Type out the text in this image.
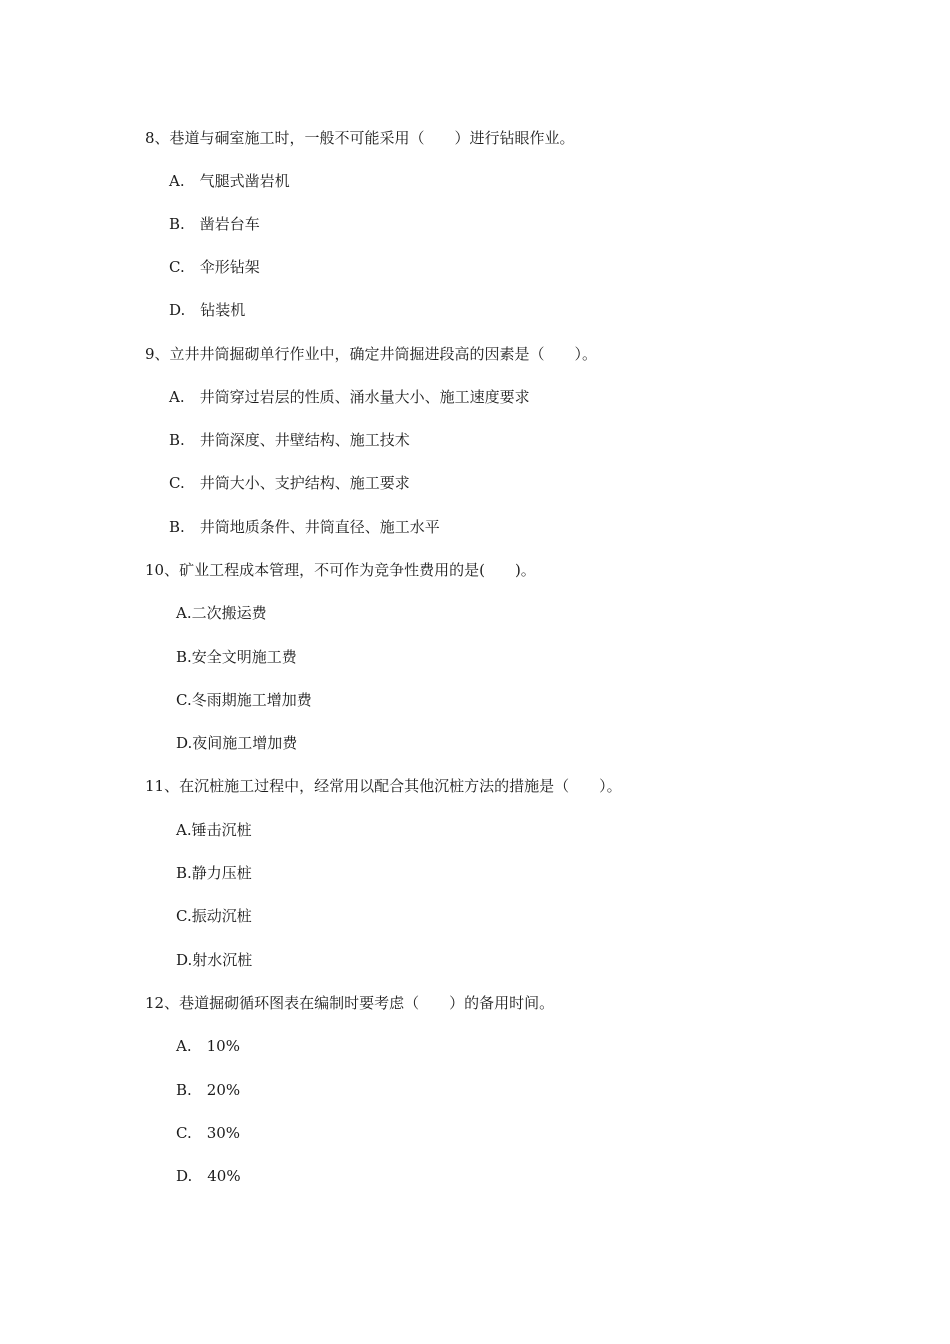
8、巷道与硐室施工时，一般不可能采用（　　）进行钻眼作业。
A.　气腿式凿岩机
B.　凿岩台车
C.　伞形钻架
D.　钻装机
9、立井井筒掘砌单行作业中，确定井筒掘进段高的因素是（　　）。
A.　井筒穿过岩层的性质、涌水量大小、施工速度要求
B.　井筒深度、井壁结构、施工技术
C.　井筒大小、支护结构、施工要求
B.　井筒地质条件、井筒直径、施工水平
10、矿业工程成本管理，不可作为竞争性费用的是(　　)。
A.二次搬运费
B.安全文明施工费
C.冬雨期施工增加费
D.夜间施工增加费
11、在沉桩施工过程中，经常用以配合其他沉桩方法的措施是（　　）。
A.锤击沉桩
B.静力压桩
C.振动沉桩
D.射水沉桩
12、巷道掘砌循环图表在编制时要考虑（　　）的备用时间。
A.　10%
B.　20%
C.　30%
D.　40%
